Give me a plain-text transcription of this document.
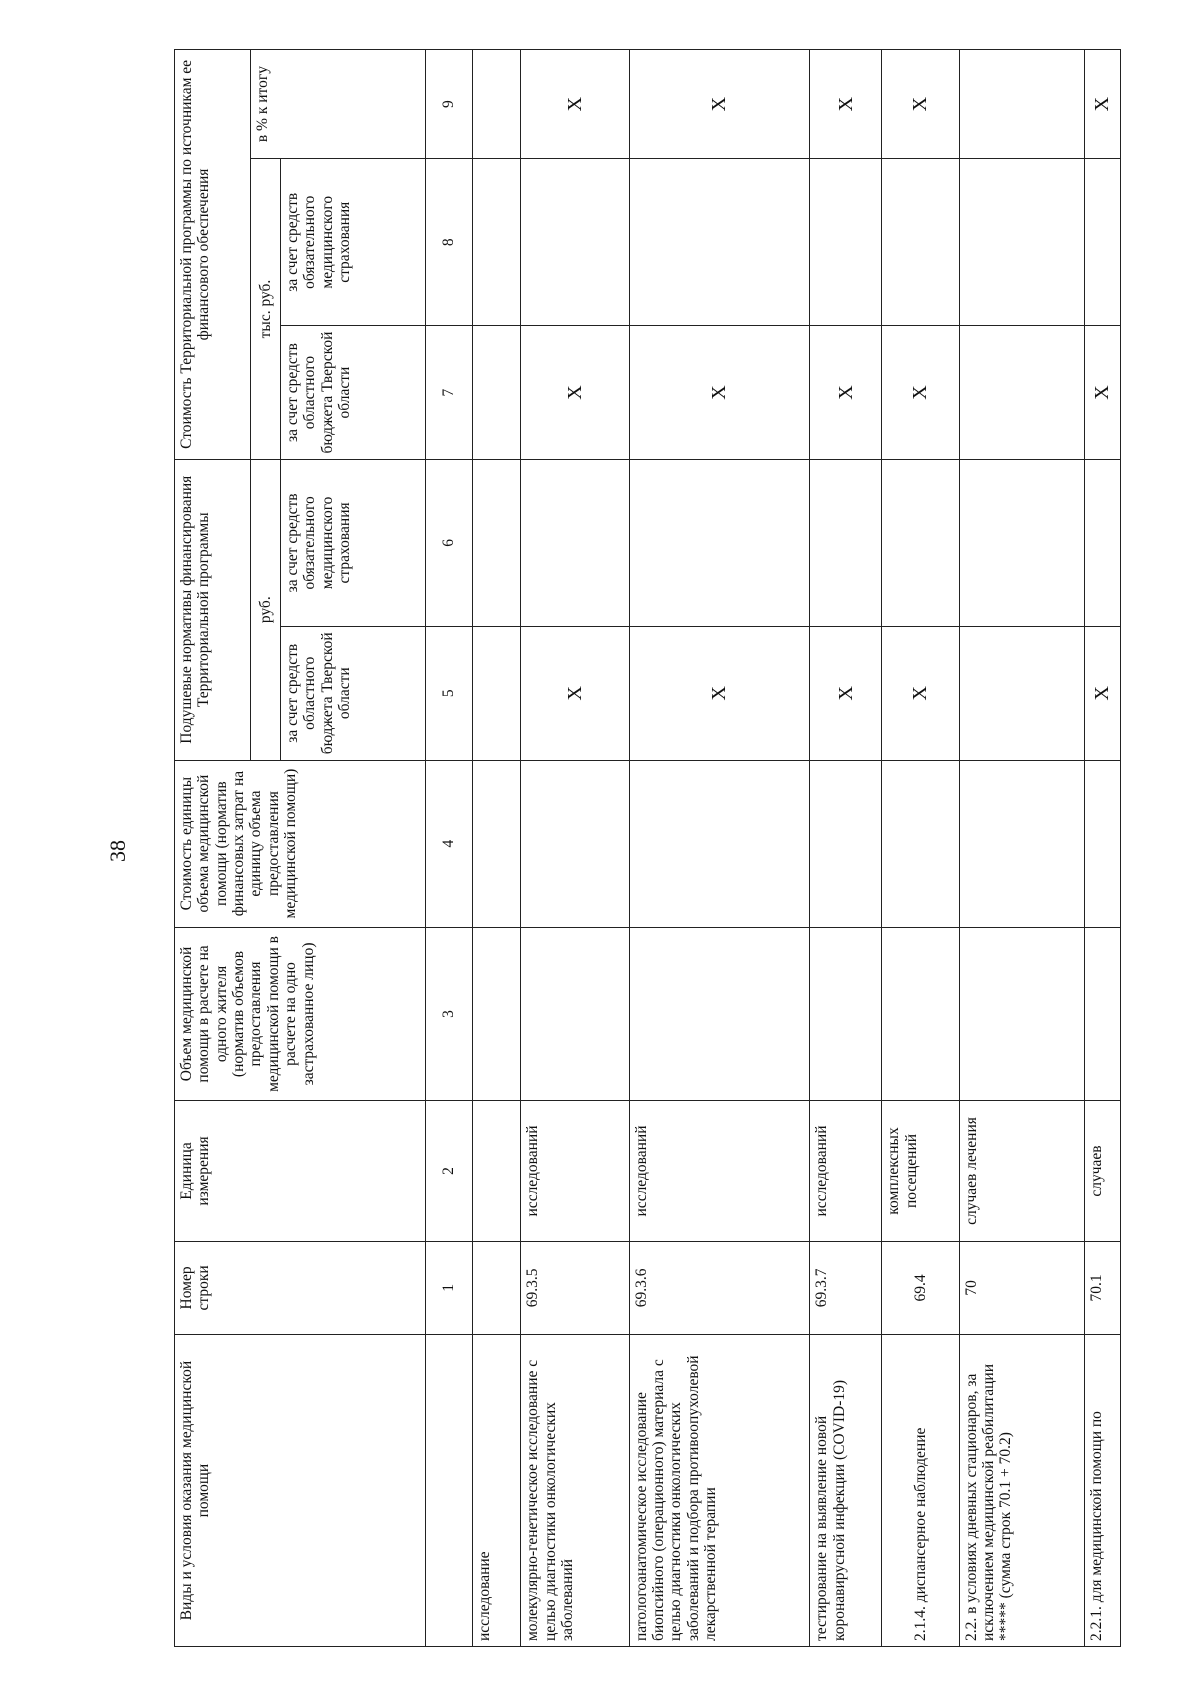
38
Виды и условия оказания медицинской помощи	Номер строки	Единица измерения	Объем медицинской помощи в расчете на одного жителя (норматив объемов предоставления медицинской помощи в расчете на одно застрахованное лицо)	Стоимость единицы объема медицинской помощи (норматив финансовых затрат на единицу объема предоставления медицинской помощи)	Подушевые нормативы финансирования Территориальной программы		Стоимость Территориальной программы по источникам ее финансового обеспечения		

					руб.		тыс. руб.		в % к итогу
					за счет средств областного бюджета Тверской области	за счет средств обязательного медицинского страхования	за счет средств областного бюджета Тверской области	за счет средств обязательного медицинского страхования	
	1	2	3	4	5	6	7	8	9
исследование									
молекулярно-генетическое исследование с целью диагностики онкологических заболеваний	69.3.5	исследований			X		X		X
патологоанатомическое исследование биопсийного (операционного) материала с целью диагностики онкологических заболеваний и подбора противоопухолевой лекарственной терапии	69.3.6	исследований			X		X		X
тестирование на выявление новой коронавирусной инфекции (COVID-19)	69.3.7	исследований			X		X		X
2.1.4. диспансерное наблюдение	69.4	комплексных посещений			X		X		X
2.2. в условиях дневных стационаров, за исключением медицинской реабилитации ***** (сумма строк 70.1 + 70.2)	70	случаев лечения							
2.2.1. для медицинской помощи по	70.1	случаев			X		X		X
